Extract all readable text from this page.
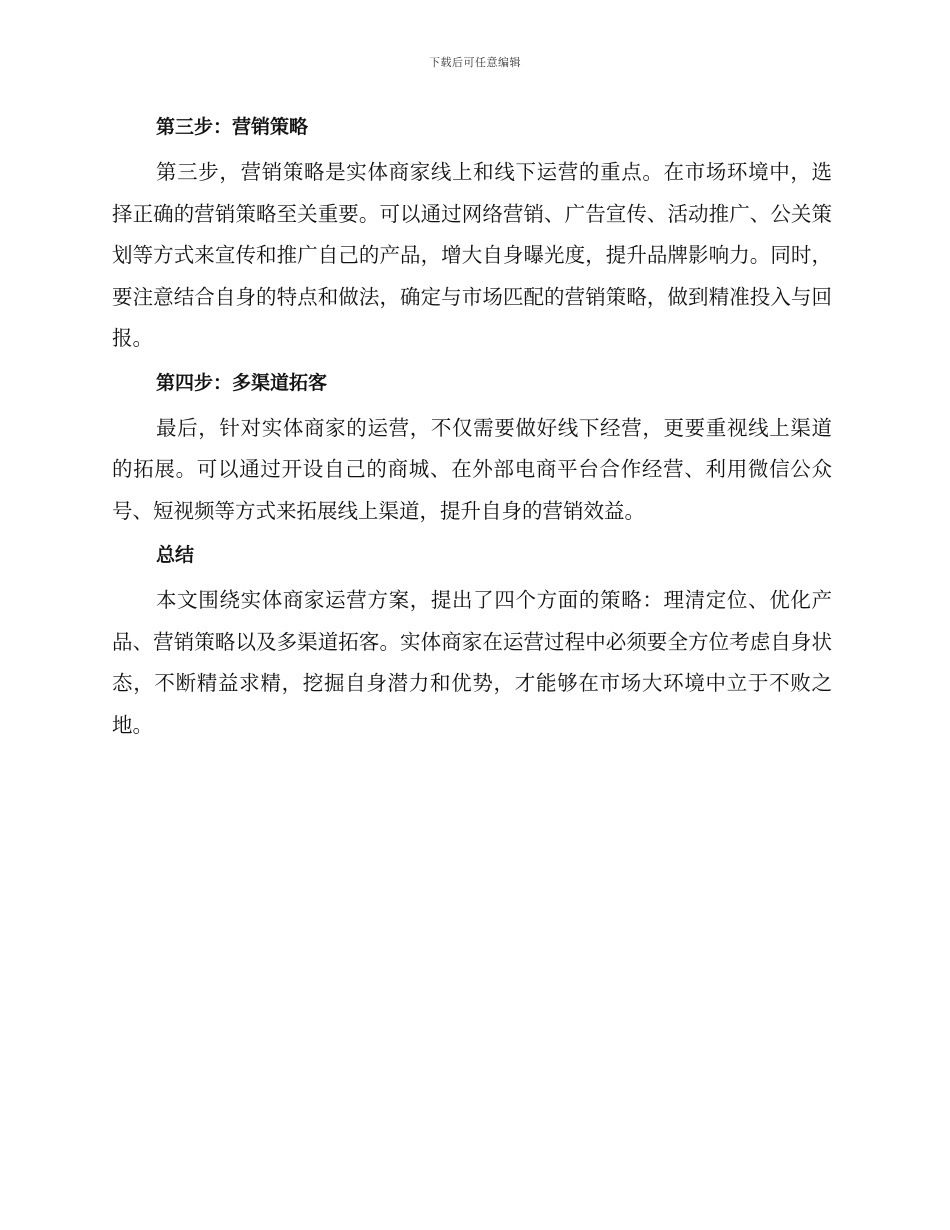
下载后可任意编辑
第三步：营销策略

第三步，营销策略是实体商家线上和线下运营的重点。在市场环境中，选择正确的营销策略至关重要。可以通过网络营销、广告宣传、活动推广、公关策划等方式来宣传和推广自己的产品，增大自身曝光度，提升品牌影响力。同时，要注意结合自身的特点和做法，确定与市场匹配的营销策略，做到精准投入与回报。

第四步：多渠道拓客

最后，针对实体商家的运营，不仅需要做好线下经营，更要重视线上渠道的拓展。可以通过开设自己的商城、在外部电商平台合作经营、利用微信公众号、短视频等方式来拓展线上渠道，提升自身的营销效益。

总结

本文围绕实体商家运营方案，提出了四个方面的策略：理清定位、优化产品、营销策略以及多渠道拓客。实体商家在运营过程中必须要全方位考虑自身状态，不断精益求精，挖掘自身潜力和优势，才能够在市场大环境中立于不败之地。
